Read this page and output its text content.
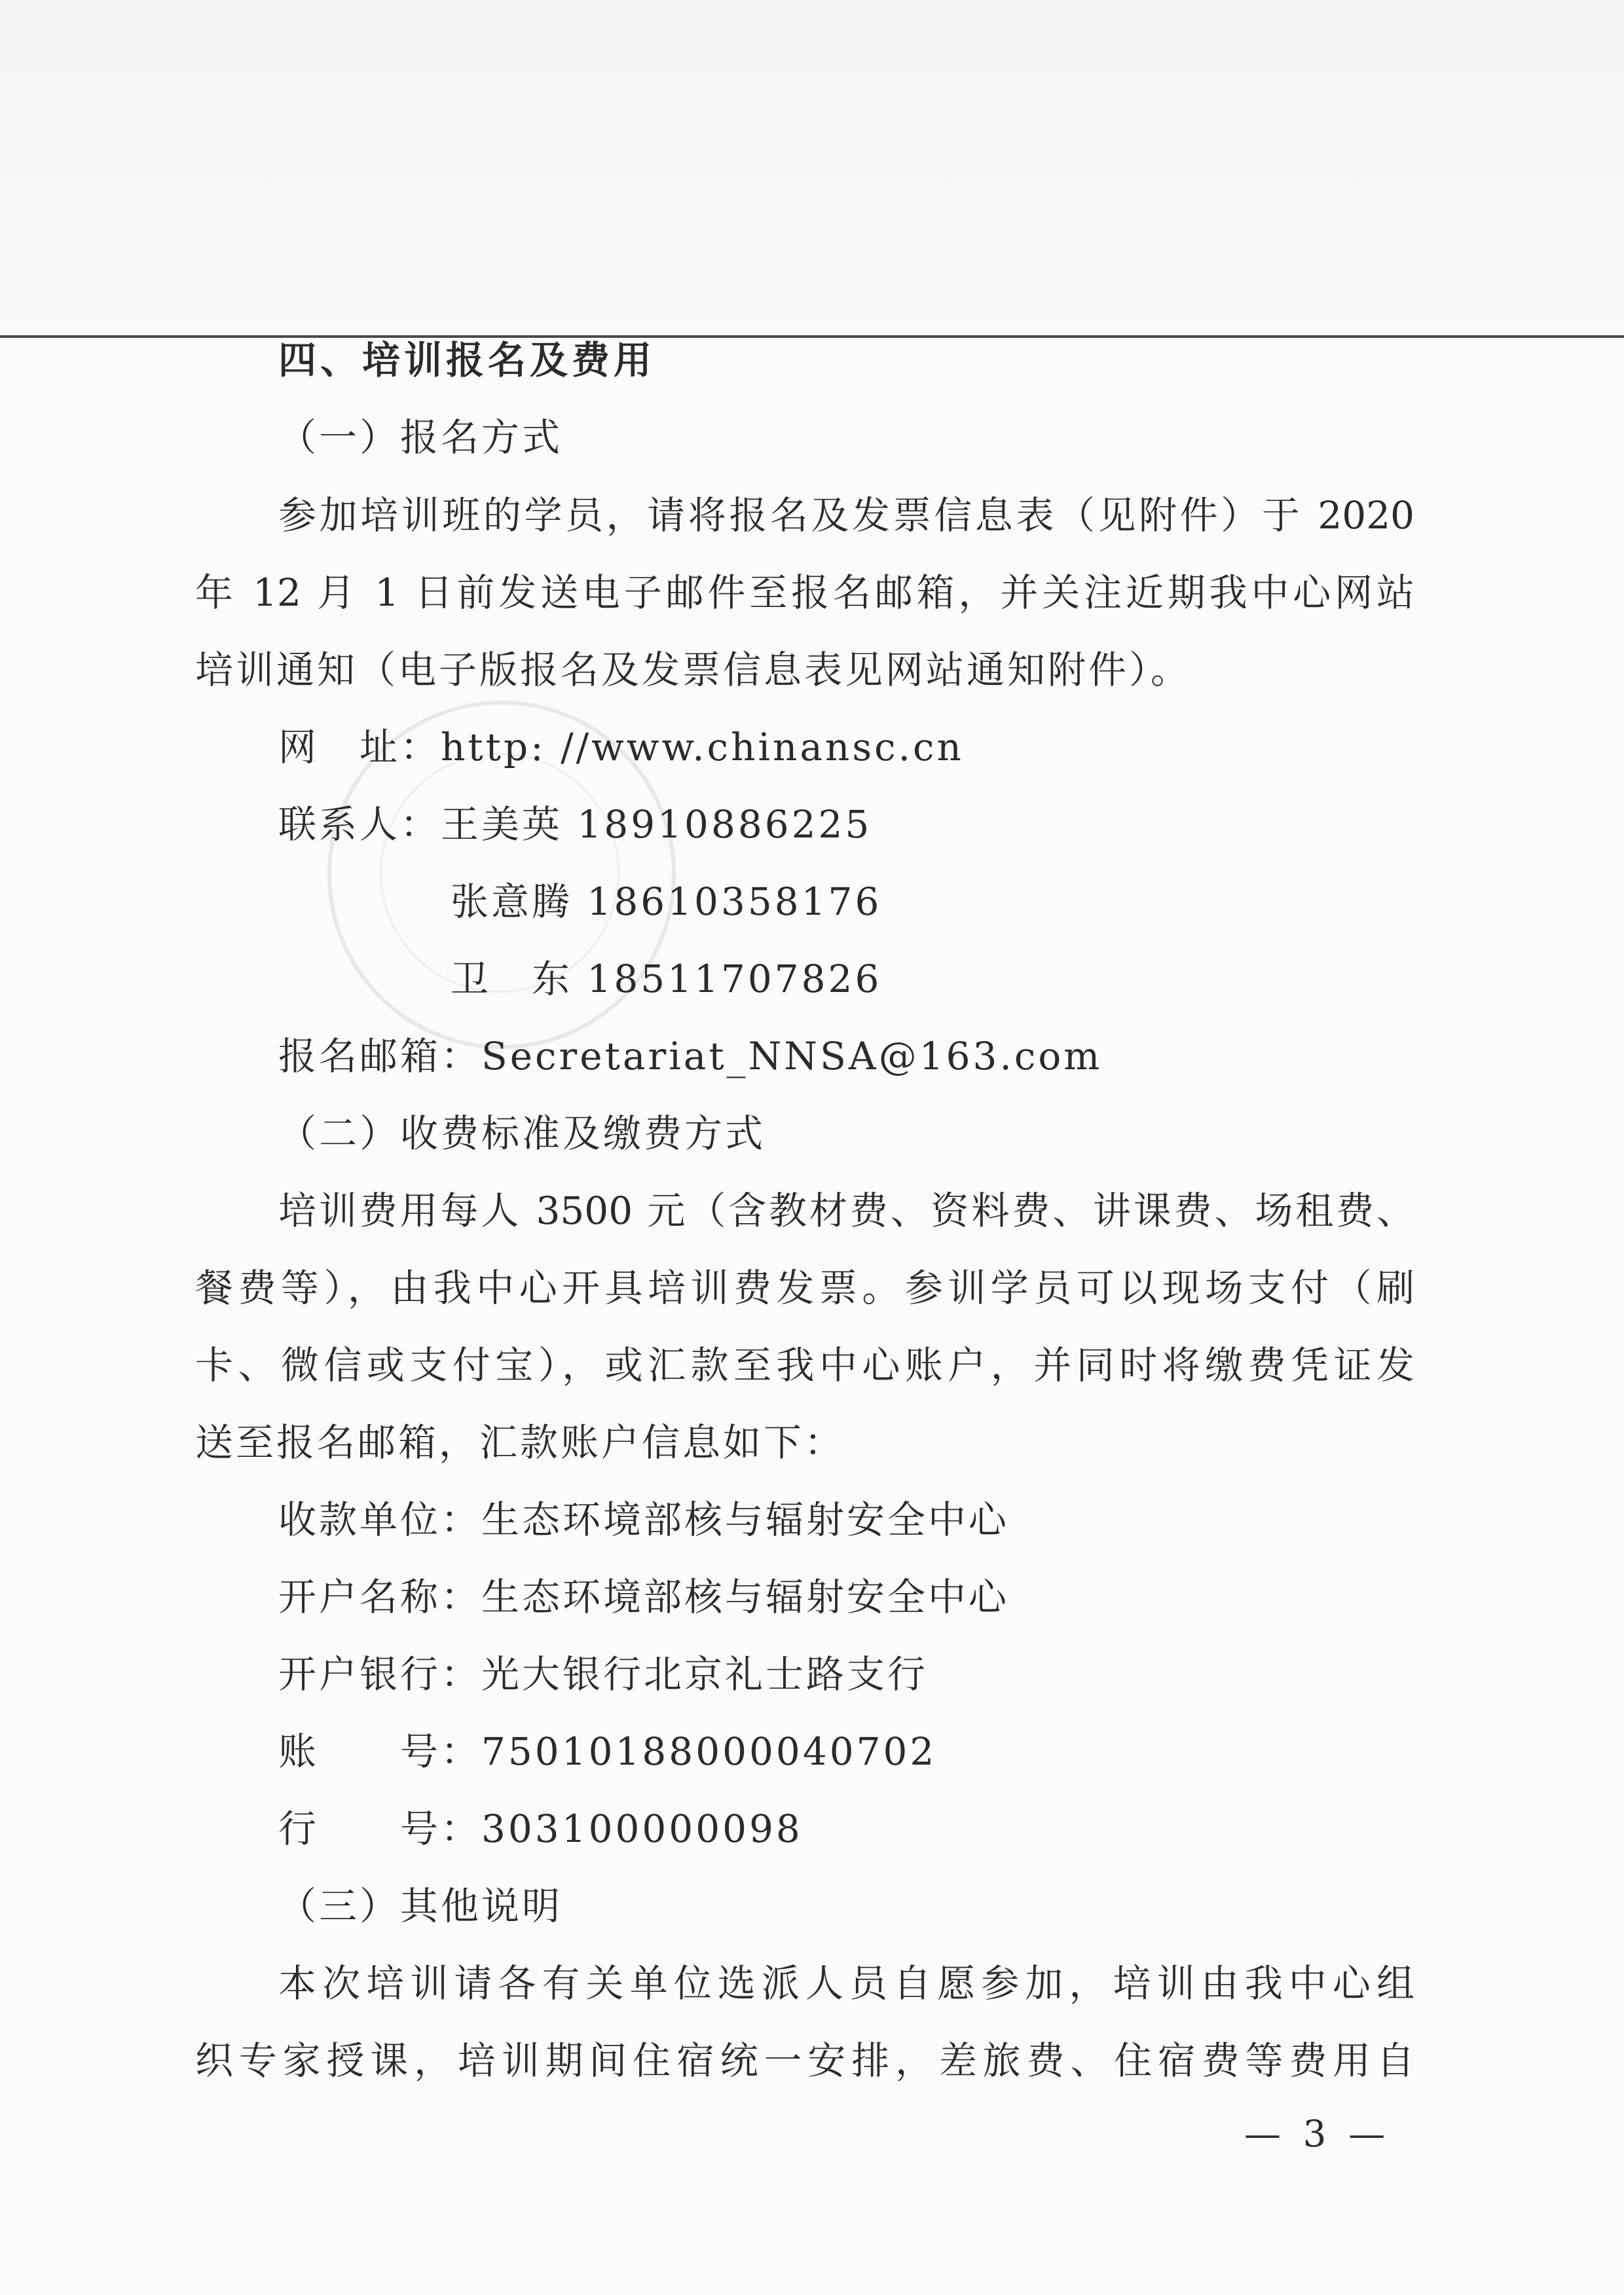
四、培训报名及费用
（一）报名方式
参加培训班的学员，请将报名及发票信息表（见附件）于 2020
年 12 月 1 日前发送电子邮件至报名邮箱，并关注近期我中心网站
培训通知（电子版报名及发票信息表见网站通知附件）。
网　址：http: //www.chinansc.cn
联系人：王美英 18910886225
张意腾 18610358176
卫　东 18511707826
报名邮箱：Secretariat_NNSA@163.com
（二）收费标准及缴费方式
培训费用每人 3500 元（含教材费、资料费、讲课费、场租费、
餐费等），由我中心开具培训费发票。参训学员可以现场支付（刷
卡、微信或支付宝），或汇款至我中心账户，并同时将缴费凭证发
送至报名邮箱，汇款账户信息如下：
收款单位：生态环境部核与辐射安全中心
开户名称：生态环境部核与辐射安全中心
开户银行：光大银行北京礼士路支行
账　　号：75010188000040702
行　　号：303100000098
（三）其他说明
本次培训请各有关单位选派人员自愿参加，培训由我中心组
织专家授课，培训期间住宿统一安排，差旅费、住宿费等费用自
— 3 —
